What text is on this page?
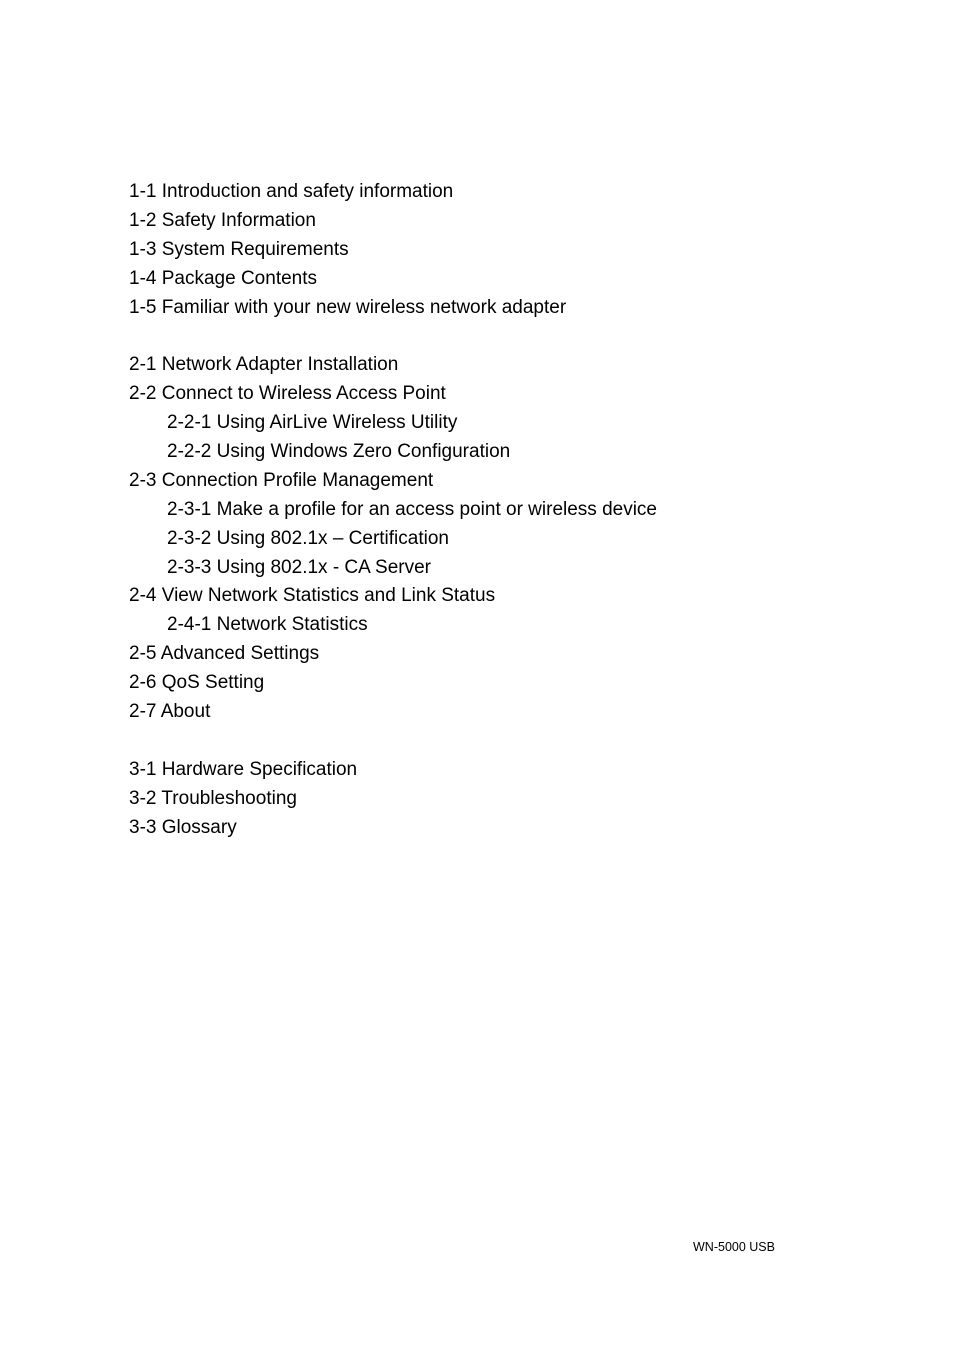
1-1 Introduction and safety information
1-2 Safety Information
1-3 System Requirements
1-4 Package Contents
1-5 Familiar with your new wireless network adapter
2-1 Network Adapter Installation
2-2 Connect to Wireless Access Point
2-2-1 Using AirLive Wireless Utility
2-2-2 Using Windows Zero Configuration
2-3 Connection Profile Management
2-3-1 Make a profile for an access point or wireless device
2-3-2 Using 802.1x – Certification
2-3-3 Using 802.1x - CA Server
2-4 View Network Statistics and Link Status
2-4-1 Network Statistics
2-5 Advanced Settings
2-6 QoS Setting
2-7 About
3-1 Hardware Specification
3-2 Troubleshooting
3-3 Glossary
WN-5000 USB
